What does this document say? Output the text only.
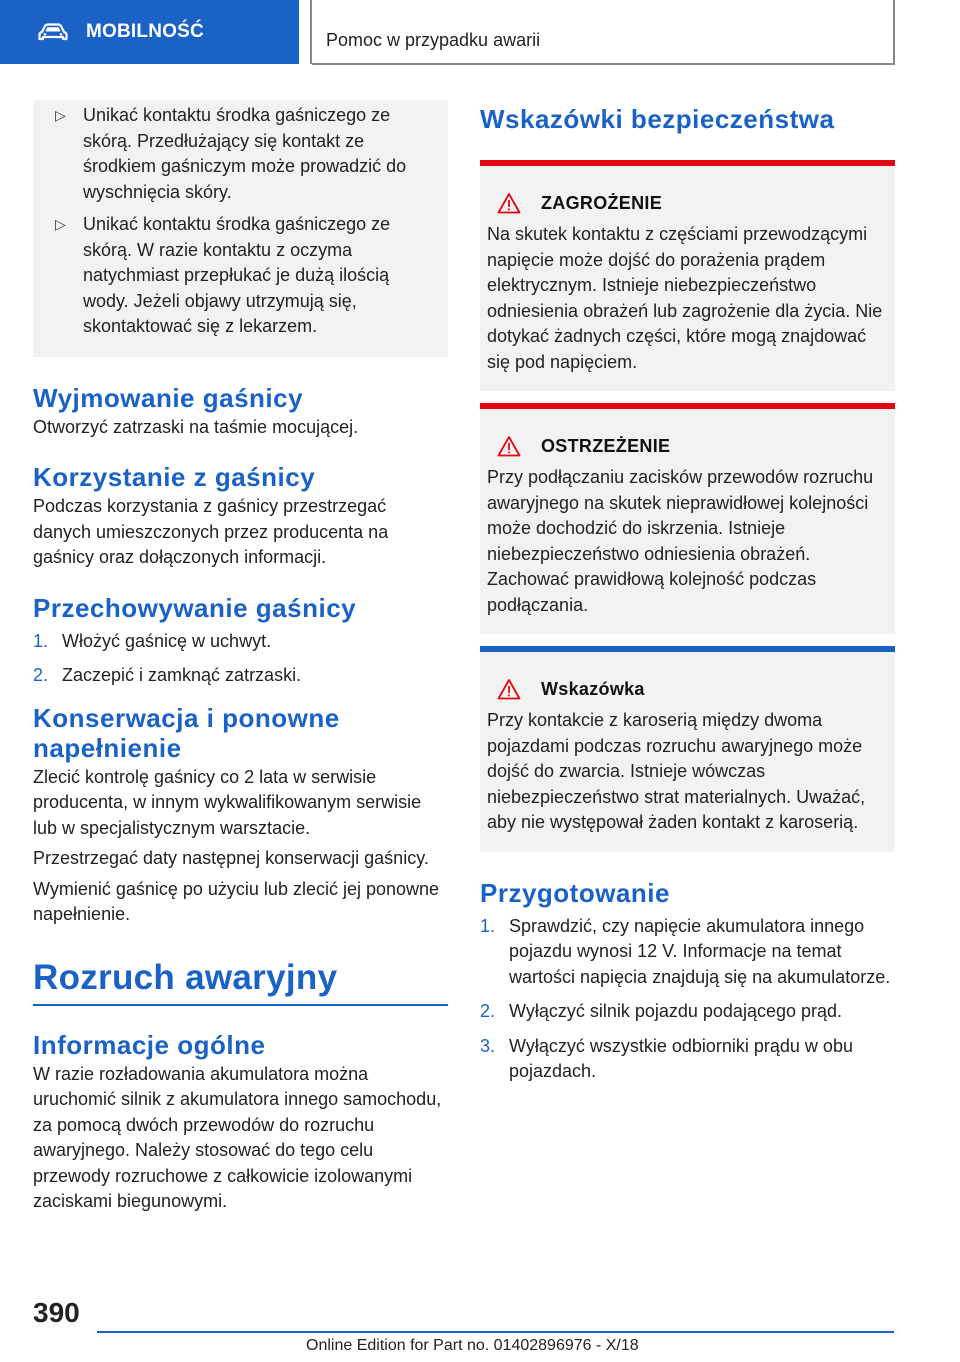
MOBILNOŚĆ	Pomoc w przypadku awarii
▷ Unikać kontaktu środka gaśniczego ze skórą. Przedłużający się kontakt ze środkiem gaśniczym może prowadzić do wyschnięcia skóry.
▷ Unikać kontaktu środka gaśniczego ze skórą. W razie kontaktu z oczyma natychmiast przepłukać je dużą ilością wody. Jeżeli objawy utrzymują się, skontaktować się z lekarzem.
Wyjmowanie gaśnicy

Otworzyć zatrzaski na taśmie mocującej.

Korzystanie z gaśnicy

Podczas korzystania z gaśnicy przestrzegać danych umieszczonych przez producenta na gaśnicy oraz dołączonych informacji.

Przechowywanie gaśnicy
1. Włożyć gaśnicę w uchwyt.
2. Zaczepić i zamknąć zatrzaski.
Konserwacja i ponowne napełnienie

Zlecić kontrolę gaśnicy co 2 lata w serwisie producenta, w innym wykwalifikowanym serwisie lub w specjalistycznym warsztacie.

Przestrzegać daty następnej konserwacji gaśnicy.

Wymienić gaśnicę po użyciu lub zlecić jej ponowne napełnienie.

Rozruch awaryjny
Informacje ogólne

W razie rozładowania akumulatora można uruchomić silnik z akumulatora innego samochodu, za pomocą dwóch przewodów do rozruchu awaryjnego. Należy stosować do tego celu przewody rozruchowe z całkowicie izolowanymi zaciskami biegunowymi.

Wskazówki bezpieczeństwa
ZAGROŻENIE

Na skutek kontaktu z częściami przewodzącymi napięcie może dojść do porażenia prądem elektrycznym. Istnieje niebezpieczeństwo odniesienia obrażeń lub zagrożenie dla życia. Nie dotykać żadnych części, które mogą znajdować się pod napięciem.

OSTRZEŻENIE

Przy podłączaniu zacisków przewodów rozruchu awaryjnego na skutek nieprawidłowej kolejności może dochodzić do iskrzenia. Istnieje niebezpieczeństwo odniesienia obrażeń. Zachować prawidłową kolejność podczas podłączania.

Wskazówka

Przy kontakcie z karoserią między dwoma pojazdami podczas rozruchu awaryjnego może dojść do zwarcia. Istnieje wówczas niebezpieczeństwo strat materialnych. Uważać, aby nie występował żaden kontakt z karoserią.

Przygotowanie
1. Sprawdzić, czy napięcie akumulatora innego pojazdu wynosi 12 V. Informacje na temat wartości napięcia znajdują się na akumulatorze.
2. Wyłączyć silnik pojazdu podającego prąd.
3. Wyłączyć wszystkie odbiorniki prądu w obu pojazdach.
390
Online Edition for Part no. 01402896976 - X/18
